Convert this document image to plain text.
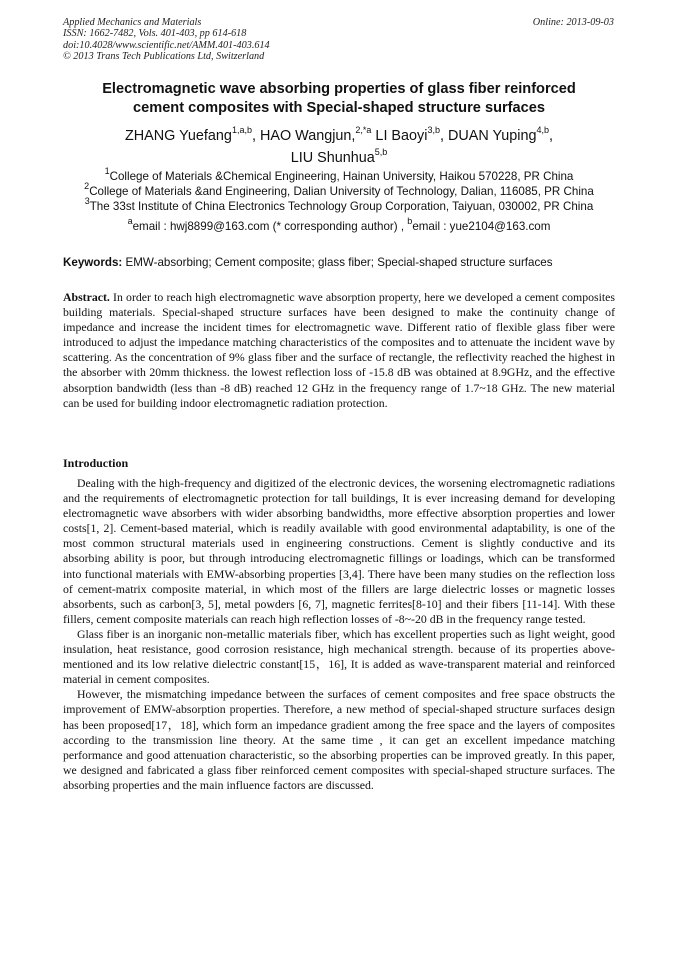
Applied Mechanics and Materials
ISSN: 1662-7482, Vols. 401-403, pp 614-618
doi:10.4028/www.scientific.net/AMM.401-403.614
© 2013 Trans Tech Publications Ltd, Switzerland
Online: 2013-09-03
Electromagnetic wave absorbing properties of glass fiber reinforced
cement composites with Special-shaped structure surfaces
ZHANG Yuefang$^{1,a,b}$, HAO Wangjun,$^{2,*a}$ LI Baoyi$^{3,b}$, DUAN Yuping$^{4,b}$,
LIU Shunhua$^{5,b}$
$^1$College of Materials &Chemical Engineering, Hainan University, Haikou 570228, PR China
$^2$College of Materials &and Engineering, Dalian University of Technology, Dalian, 116085, PR China
$^3$The 33st Institute of China Electronics Technology Group Corporation, Taiyuan, 030002, PR China
$^a$email : hwj8899@163.com (* corresponding author) , $^b$email : yue2104@163.com
Keywords: EMW-absorbing; Cement composite; glass fiber; Special-shaped structure surfaces
Abstract. In order to reach high electromagnetic wave absorption property, here we developed a cement composites building materials. Special-shaped structure surfaces have been designed to make the continuity change of impedance and increase the incident times for electromagnetic wave. Different ratio of flexible glass fiber were introduced to adjust the impedance matching characteristics of the composites and to attenuate the incident wave by scattering. As the concentration of 9% glass fiber and the surface of rectangle, the reflectivity reached the highest in the absorber with 20mm thickness. the lowest reflection loss of -15.8 dB was obtained at 8.9GHz, and the effective absorption bandwidth (less than -8 dB) reached 12 GHz in the frequency range of 1.7~18 GHz. The new material can be used for building indoor electromagnetic radiation protection.
Introduction

Dealing with the high-frequency and digitized of the electronic devices, the worsening electromagnetic radiations and the requirements of electromagnetic protection for tall buildings, It is ever increasing demand for developing electromagnetic wave absorbers with wider absorbing bandwidths, more effective absorption properties and lower costs[1, 2]. Cement-based material, which is readily available with good environmental adaptability, is one of the most common structural materials used in engineering constructions. Cement is slightly conductive and its absorbing ability is poor, but through introducing electromagnetic fillings or loadings, which can be transformed into functional materials with EMW-absorbing properties [3,4]. There have been many studies on the reflection loss of cement-matrix composite material, in which most of the fillers are large dielectric losses or magnetic losses absorbents, such as carbon[3, 5], metal powders [6, 7], magnetic ferrites[8-10] and their fibers [11-14]. With these fillers, cement composite materials can reach high reflection losses of -8~-20 dB in the frequency range tested.

Glass fiber is an inorganic non-metallic materials fiber, which has excellent properties such as light weight, good insulation, heat resistance, good corrosion resistance, high mechanical strength. because of its properties above-mentioned and its low relative dielectric constant[15，16], It is added as wave-transparent material and reinforced material in cement composites.

However, the mismatching impedance between the surfaces of cement composites and free space obstructs the improvement of EMW-absorption properties. Therefore, a new method of special-shaped structure surfaces design has been proposed[17，18], which form an impedance gradient among the free space and the layers of composites according to the transmission line theory. At the same time , it can get an excellent impedance matching performance and good attenuation characteristic, so the absorbing properties can be improved greatly. In this paper, we designed and fabricated a glass fiber reinforced cement composites with special-shaped structure surfaces. The absorbing properties and the main influence factors are discussed.
